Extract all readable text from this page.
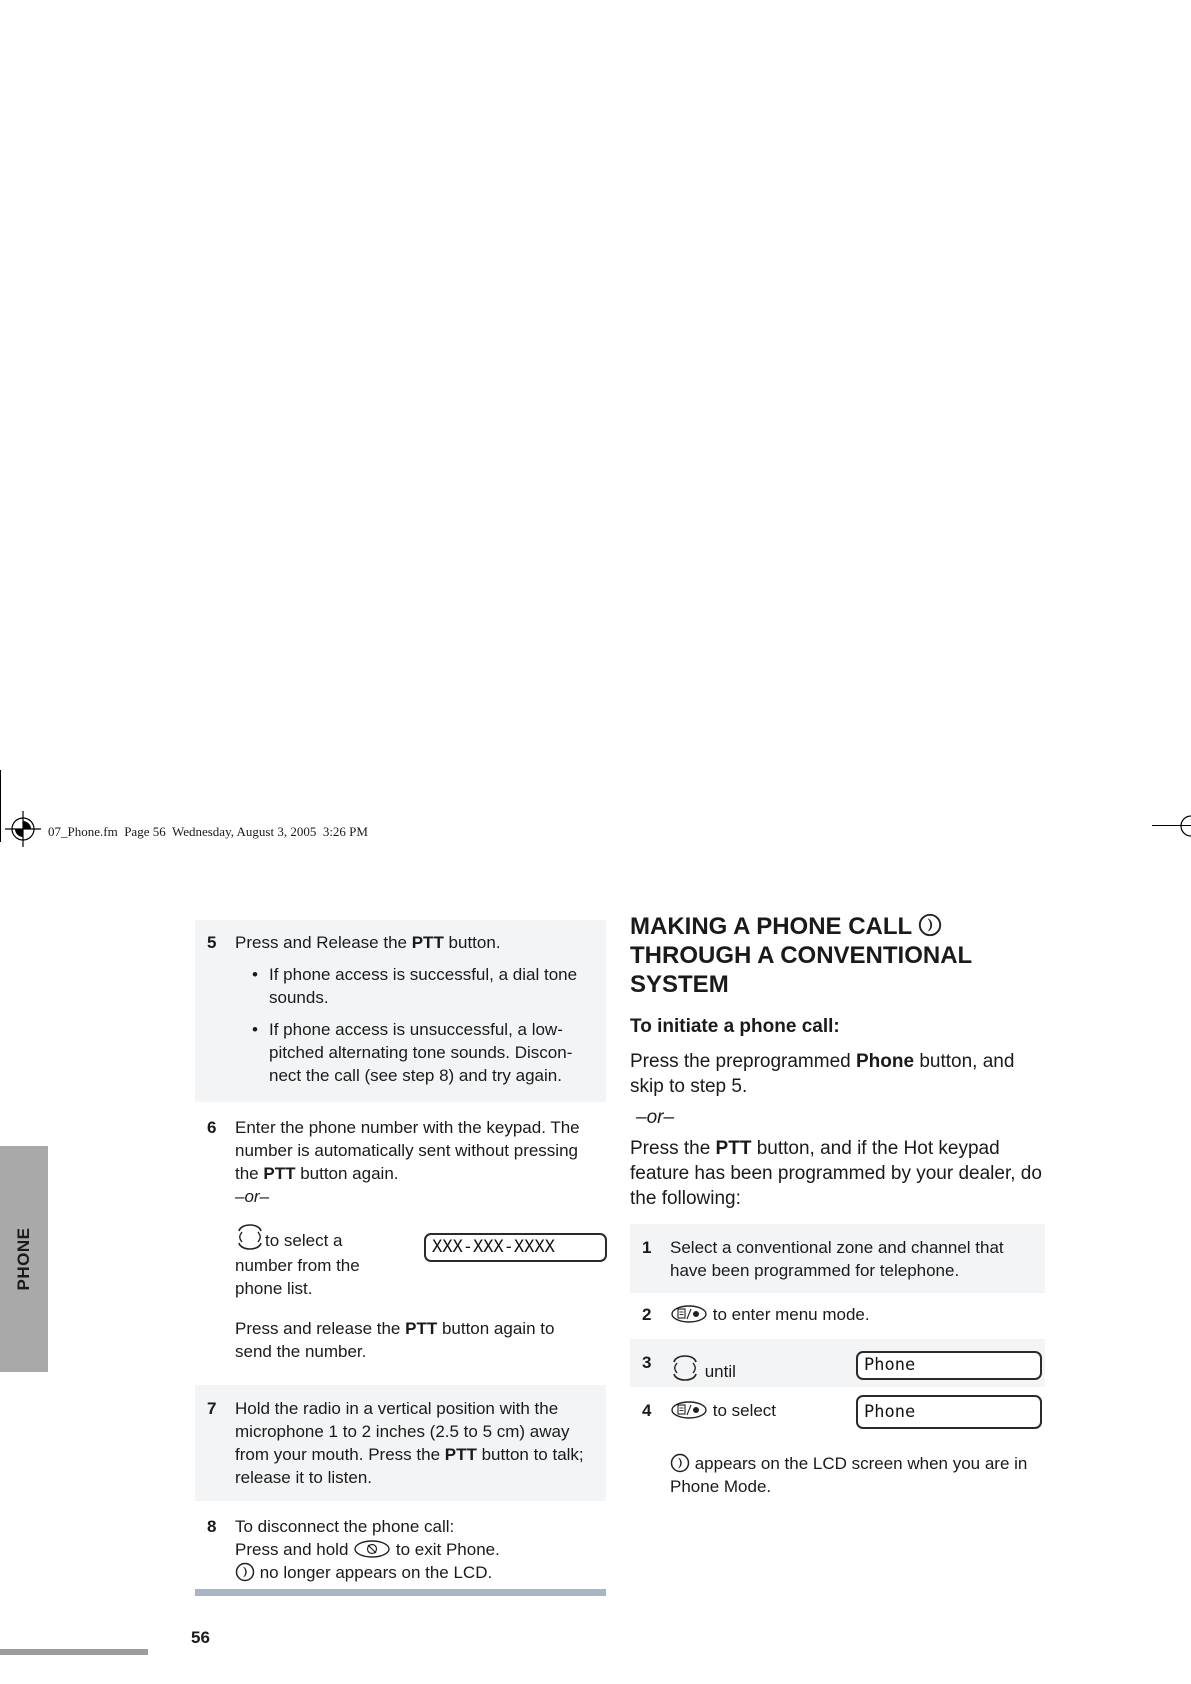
07_Phone.fm  Page 56  Wednesday, August 3, 2005  3:26 PM
PHONE
5 Press and Release the PTT button.
• If phone access is successful, a dial tone sounds.
• If phone access is unsuccessful, a low-pitched alternating tone sounds. Discon-nect the call (see step 8) and try again.
6 Enter the phone number with the keypad. The number is automatically sent without pressing the PTT button again.
–or–
to select a number from the phone list.
XXX-XXX-XXXX
Press and release the PTT button again to send the number.
7 Hold the radio in a vertical position with the microphone 1 to 2 inches (2.5 to 5 cm) away from your mouth. Press the PTT button to talk; release it to listen.
8 To disconnect the phone call:
Press and hold  to exit Phone.
no longer appears on the LCD.
MAKING A PHONE CALL
THROUGH A CONVENTIONAL
SYSTEM
To initiate a phone call:
Press the preprogrammed Phone button, and skip to step 5.
–or–
Press the PTT button, and if the Hot keypad feature has been programmed by your dealer, do the following:
1 Select a conventional zone and channel that have been programmed for telephone.
2	to enter menu mode.
3	until	Phone
4	to select	Phone
appears on the LCD screen when you are in Phone Mode.
56
